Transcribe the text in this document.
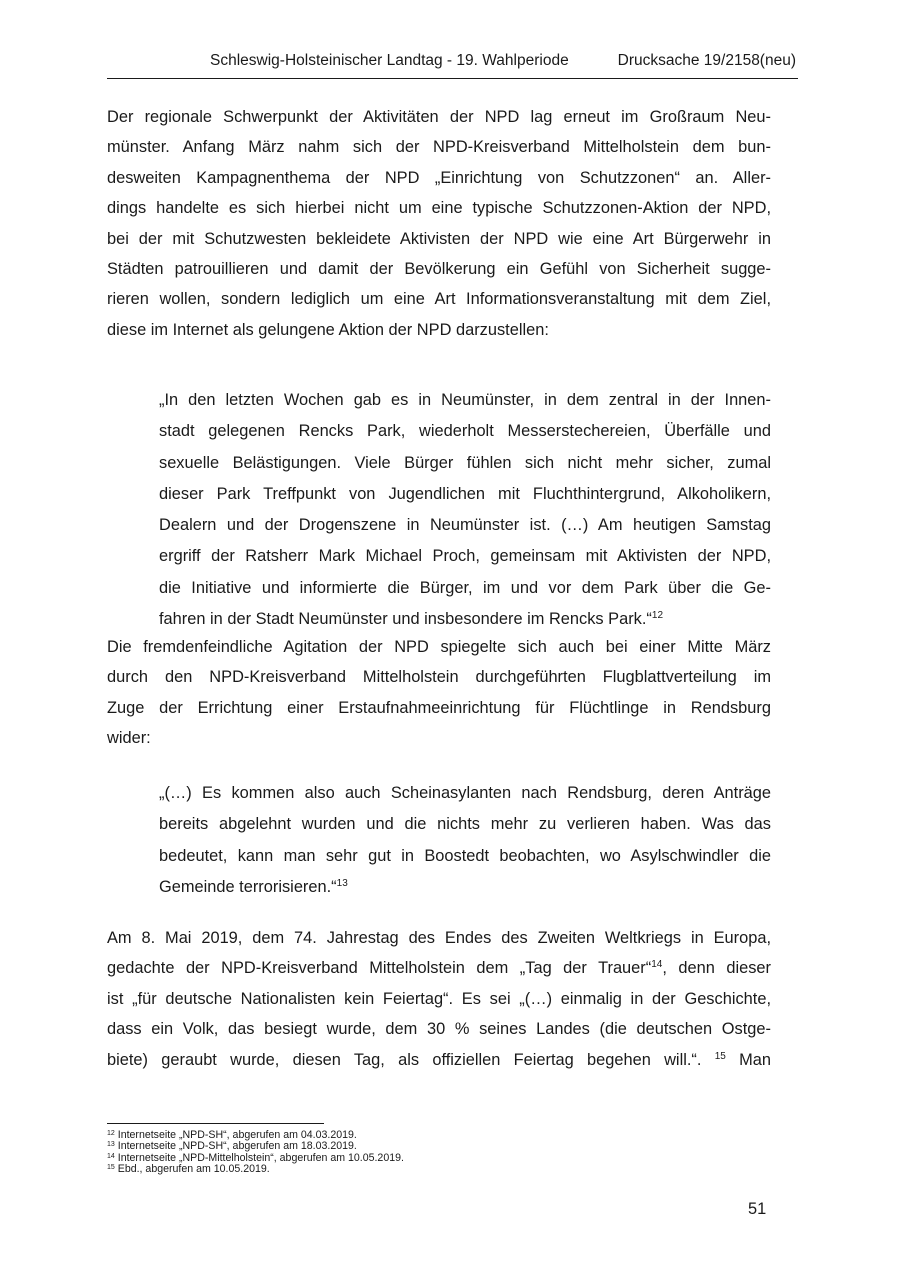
Schleswig-Holsteinischer Landtag - 19. Wahlperiode	Drucksache 19/2158(neu)

Der regionale Schwerpunkt der Aktivitäten der NPD lag erneut im Großraum Neu-
münster. Anfang März nahm sich der NPD-Kreisverband Mittelholstein dem bun-
desweiten Kampagnenthema der NPD „Einrichtung von Schutzzonen“ an. Aller-
dings handelte es sich hierbei nicht um eine typische Schutzzonen-Aktion der NPD,
bei der mit Schutzwesten bekleidete Aktivisten der NPD wie eine Art Bürgerwehr in
Städten patrouillieren und damit der Bevölkerung ein Gefühl von Sicherheit sugge-
rieren wollen, sondern lediglich um eine Art Informationsveranstaltung mit dem Ziel,
diese im Internet als gelungene Aktion der NPD darzustellen:

„In den letzten Wochen gab es in Neumünster, in dem zentral in der Innen-
stadt gelegenen Rencks Park, wiederholt Messerstechereien, Überfälle und
sexuelle Belästigungen. Viele Bürger fühlen sich nicht mehr sicher, zumal
dieser Park Treffpunkt von Jugendlichen mit Fluchthintergrund, Alkoholikern,
Dealern und der Drogenszene in Neumünster ist. (…) Am heutigen Samstag
ergriff der Ratsherr Mark Michael Proch, gemeinsam mit Aktivisten der NPD,
die Initiative und informierte die Bürger, im und vor dem Park über die Ge-
fahren in der Stadt Neumünster und insbesondere im Rencks Park.“$^{12}$

Die fremdenfeindliche Agitation der NPD spiegelte sich auch bei einer Mitte März
durch den NPD-Kreisverband Mittelholstein durchgeführten Flugblattverteilung im
Zuge der Errichtung einer Erstaufnahmeeinrichtung für Flüchtlinge in Rendsburg
wider:

„(…) Es kommen also auch Scheinasylanten nach Rendsburg, deren Anträge
bereits abgelehnt wurden und die nichts mehr zu verlieren haben. Was das
bedeutet, kann man sehr gut in Boostedt beobachten, wo Asylschwindler die
Gemeinde terrorisieren.“$^{13}$

Am 8. Mai 2019, dem 74. Jahrestag des Endes des Zweiten Weltkriegs in Europa,
gedachte der NPD-Kreisverband Mittelholstein dem „Tag der Trauer“$^{14}$, denn dieser
ist „für deutsche Nationalisten kein Feiertag“. Es sei „(…) einmalig in der Geschichte,
dass ein Volk, das besiegt wurde, dem 30 % seines Landes (die deutschen Ostge-
biete) geraubt wurde, diesen Tag, als offiziellen Feiertag begehen will.“. $^{15}$ Man

$^{12}$ Internetseite „NPD-SH“, abgerufen am 04.03.2019.
$^{13}$ Internetseite „NPD-SH“, abgerufen am 18.03.2019.
$^{14}$ Internetseite „NPD-Mittelholstein“, abgerufen am 10.05.2019.
$^{15}$ Ebd., abgerufen am 10.05.2019.
51
